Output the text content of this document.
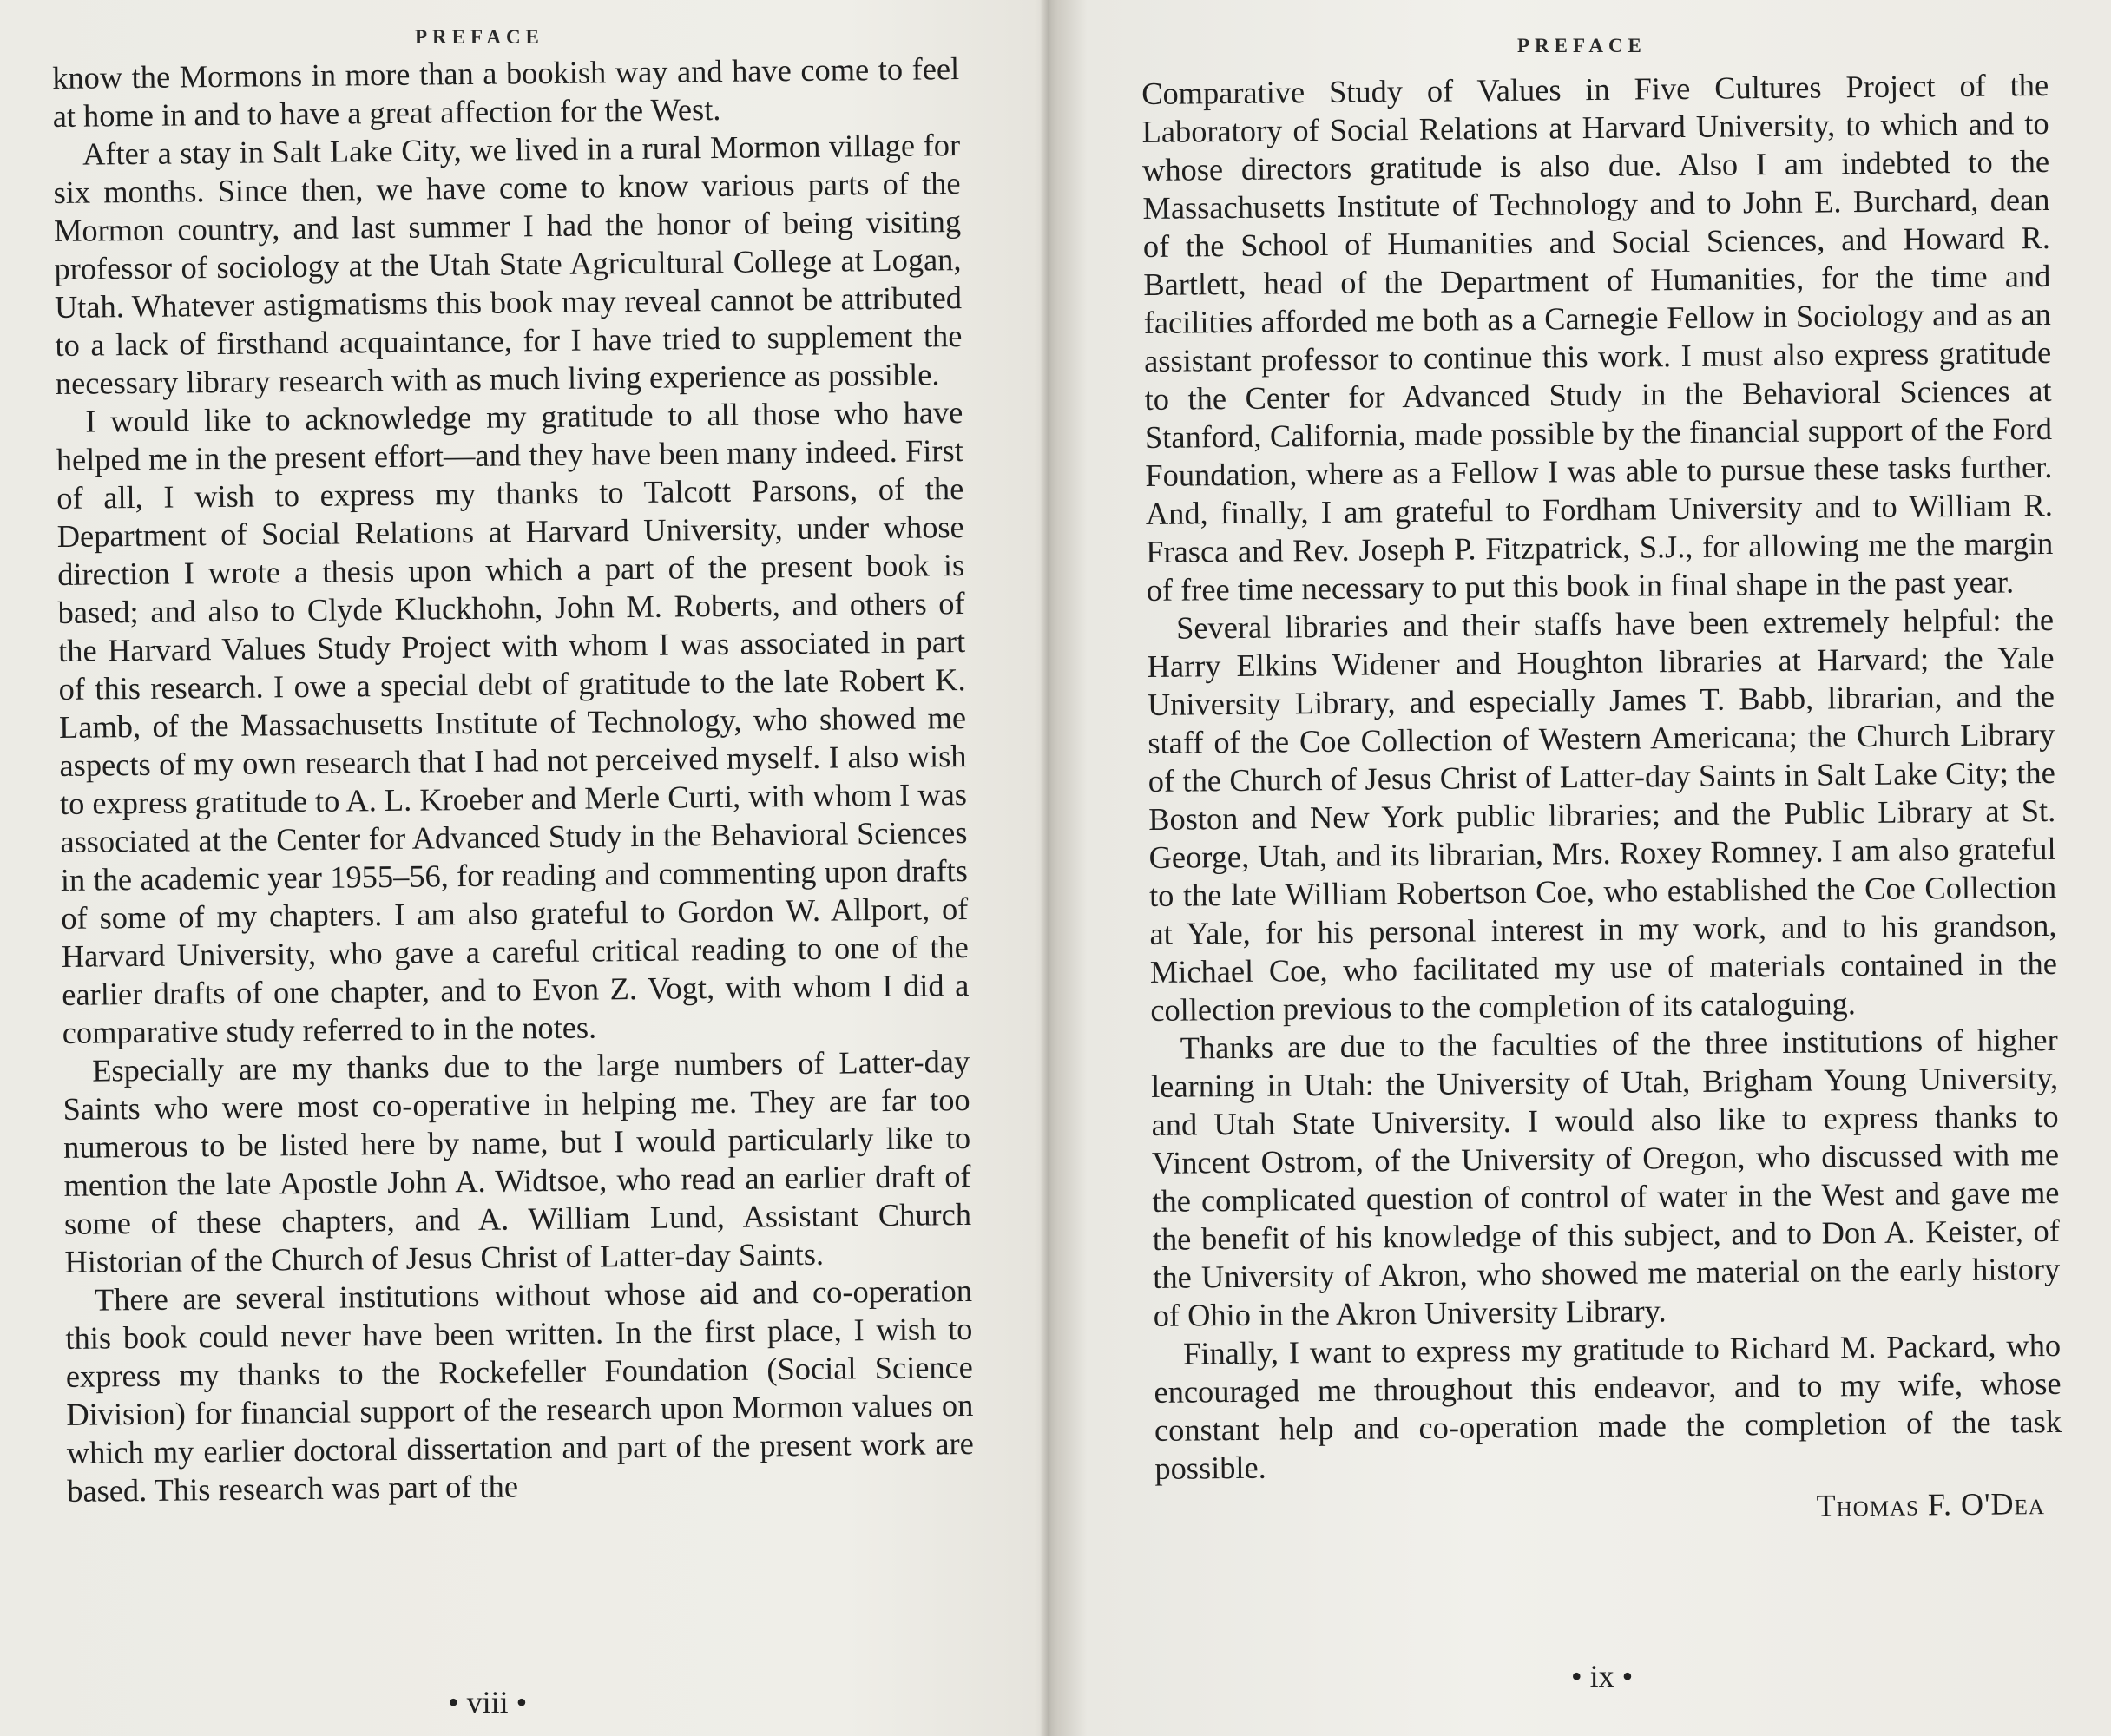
PREFACE

know the Mormons in more than a bookish way and have come to feel at home in and to have a great affection for the West.

After a stay in Salt Lake City, we lived in a rural Mormon village for six months. Since then, we have come to know various parts of the Mormon country, and last summer I had the honor of being visiting professor of sociology at the Utah State Agricultural College at Logan, Utah. Whatever astigmatisms this book may reveal cannot be attributed to a lack of firsthand acquaintance, for I have tried to supplement the necessary library research with as much living experience as possible.

I would like to acknowledge my gratitude to all those who have helped me in the present effort—and they have been many indeed. First of all, I wish to express my thanks to Talcott Parsons, of the Department of Social Relations at Harvard University, under whose direction I wrote a thesis upon which a part of the present book is based; and also to Clyde Kluckhohn, John M. Roberts, and others of the Harvard Values Study Project with whom I was associated in part of this research. I owe a special debt of gratitude to the late Robert K. Lamb, of the Massachusetts Institute of Technology, who showed me aspects of my own research that I had not perceived myself. I also wish to express gratitude to A. L. Kroeber and Merle Curti, with whom I was associated at the Center for Advanced Study in the Behavioral Sciences in the academic year 1955–56, for reading and commenting upon drafts of some of my chapters. I am also grateful to Gordon W. Allport, of Harvard University, who gave a careful critical reading to one of the earlier drafts of one chapter, and to Evon Z. Vogt, with whom I did a comparative study referred to in the notes.

Especially are my thanks due to the large numbers of Latter-day Saints who were most co-operative in helping me. They are far too numerous to be listed here by name, but I would particularly like to mention the late Apostle John A. Widtsoe, who read an earlier draft of some of these chapters, and A. William Lund, Assistant Church Historian of the Church of Jesus Christ of Latter-day Saints.

There are several institutions without whose aid and co-operation this book could never have been written. In the first place, I wish to express my thanks to the Rockefeller Foundation (Social Science Division) for financial support of the research upon Mormon values on which my earlier doctoral dissertation and part of the present work are based. This research was part of the

• viii •
PREFACE

Comparative Study of Values in Five Cultures Project of the Laboratory of Social Relations at Harvard University, to which and to whose directors gratitude is also due. Also I am indebted to the Massachusetts Institute of Technology and to John E. Burchard, dean of the School of Humanities and Social Sciences, and Howard R. Bartlett, head of the Department of Humanities, for the time and facilities afforded me both as a Carnegie Fellow in Sociology and as an assistant professor to continue this work. I must also express gratitude to the Center for Advanced Study in the Behavioral Sciences at Stanford, California, made possible by the financial support of the Ford Foundation, where as a Fellow I was able to pursue these tasks further. And, finally, I am grateful to Fordham University and to William R. Frasca and Rev. Joseph P. Fitzpatrick, S.J., for allowing me the margin of free time necessary to put this book in final shape in the past year.

Several libraries and their staffs have been extremely helpful: the Harry Elkins Widener and Houghton libraries at Harvard; the Yale University Library, and especially James T. Babb, librarian, and the staff of the Coe Collection of Western Americana; the Church Library of the Church of Jesus Christ of Latter-day Saints in Salt Lake City; the Boston and New York public libraries; and the Public Library at St. George, Utah, and its librarian, Mrs. Roxey Romney. I am also grateful to the late William Robertson Coe, who established the Coe Collection at Yale, for his personal interest in my work, and to his grandson, Michael Coe, who facilitated my use of materials contained in the collection previous to the completion of its cataloguing.

Thanks are due to the faculties of the three institutions of higher learning in Utah: the University of Utah, Brigham Young University, and Utah State University. I would also like to express thanks to Vincent Ostrom, of the University of Oregon, who discussed with me the complicated question of control of water in the West and gave me the benefit of his knowledge of this subject, and to Don A. Keister, of the University of Akron, who showed me material on the early history of Ohio in the Akron University Library.

Finally, I want to express my gratitude to Richard M. Packard, who encouraged me throughout this endeavor, and to my wife, whose constant help and co-operation made the completion of the task possible.

Thomas F. O'Dea

• ix •
